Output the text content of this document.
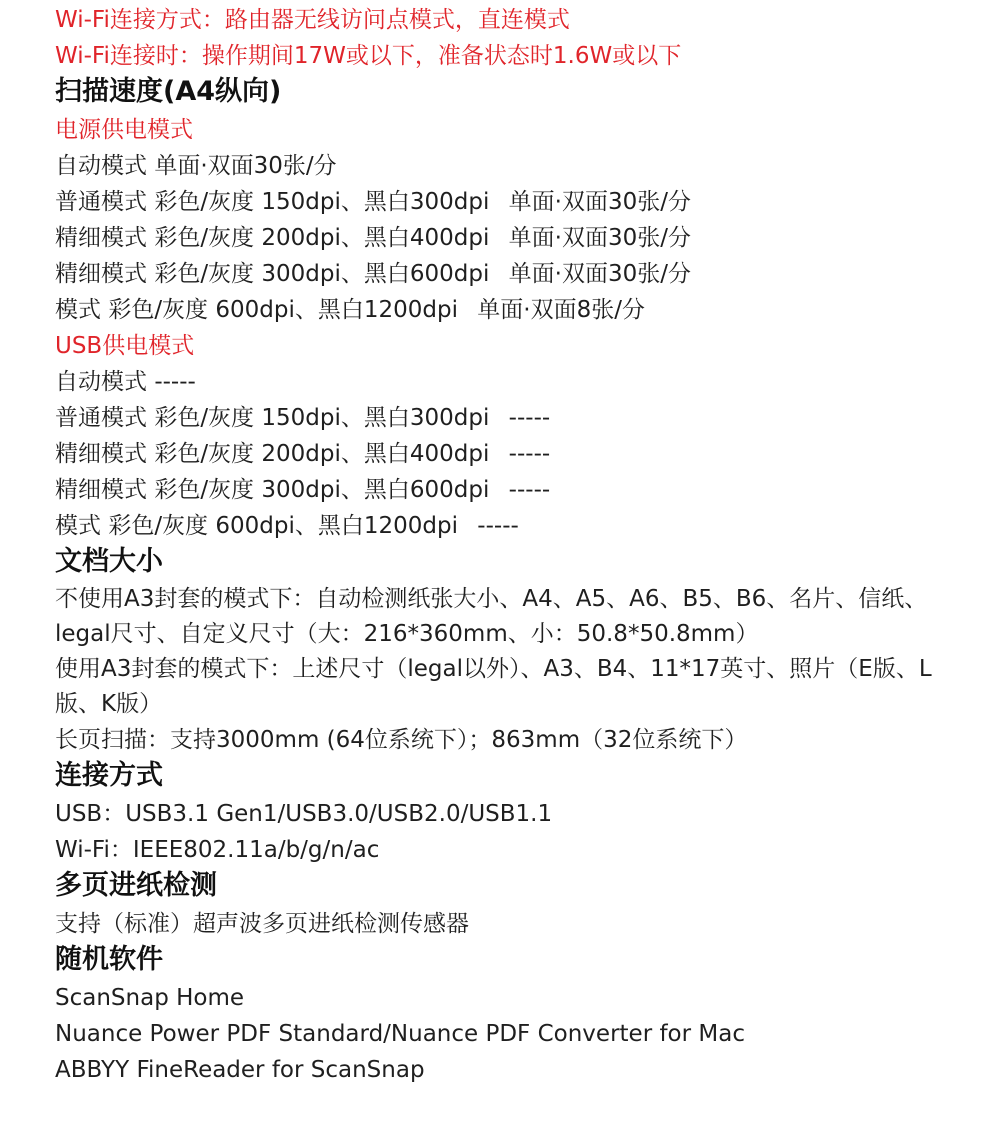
Wi-Fi连接方式：路由器无线访问点模式，直连模式
Wi-Fi连接时：操作期间17W或以下，准备状态时1.6W或以下
扫描速度(A4纵向)
电源供电模式
自动模式 单面·双面30张/分
普通模式 彩色/灰度 150dpi、黑白300dpi 单面·双面30张/分
精细模式 彩色/灰度 200dpi、黑白400dpi 单面·双面30张/分
精细模式 彩色/灰度 300dpi、黑白600dpi 单面·双面30张/分
模式 彩色/灰度 600dpi、黑白1200dpi 单面·双面8张/分
USB供电模式
自动模式 -----
普通模式 彩色/灰度 150dpi、黑白300dpi -----
精细模式 彩色/灰度 200dpi、黑白400dpi -----
精细模式 彩色/灰度 300dpi、黑白600dpi -----
模式 彩色/灰度 600dpi、黑白1200dpi -----
文档大小
不使用A3封套的模式下：自动检测纸张大小、A4、A5、A6、B5、B6、名片、信纸、legal尺寸、自定义尺寸（大：216*360mm、小：50.8*50.8mm）
使用A3封套的模式下：上述尺寸（legal以外）、A3、B4、11*17英寸、照片（E版、L版、K版）
长页扫描：支持3000mm (64位系统下）；863mm（32位系统下）
连接方式
USB：USB3.1 Gen1/USB3.0/USB2.0/USB1.1
Wi-Fi：IEEE802.11a/b/g/n/ac
多页进纸检测
支持（标准）超声波多页进纸检测传感器
随机软件
ScanSnap Home
Nuance Power PDF Standard/Nuance PDF Converter for Mac
ABBYY FineReader for ScanSnap
